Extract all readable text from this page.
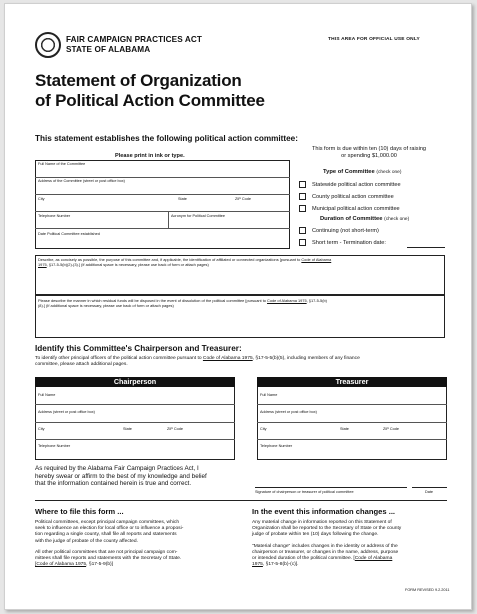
FAIR CAMPAIGN PRACTICES ACT
STATE OF ALABAMA
THIS AREA FOR OFFICIAL USE ONLY
Statement of Organization
of Political Action Committee
This statement establishes the following political action committee:
Please print in ink or type.
This form is due within ten (10) days of raising
or spending $1,000.00
Full Name of the Committee
Address of the Committee (street or post office box)
City	State	ZIP Code
Telephone Number	Acronym for Political Committee
Date Political Committee established
Type of Committee (check one)
Statewide political action committee
County political action committee
Municipal political action committee
Duration of Committee (check one)
Continuing (not short-term)
Short term - Termination date:
Describe, as concisely as possible, the purpose of this committee and, if applicable, the identification of affiliated or connected organizations [pursuant to Code of Alabama
1975, §17-5-5(b)(2)-(3).] (If additional space is necessary, please use back of form or attach pages)
Please describe the manner in which residual funds will be disposed in the event of dissolution of the political committee [pursuant to Code of Alabama 1975, §17-5-5(b)
(8).] (If additional space is necessary, please use back of form or attach pages)
Identify this Committee's Chairperson and Treasurer:
To identify other principal officers of the political action committee pursuant to Code of Alabama 1975, §17-5-5(b)(5), including members of any finance
committee, please attach additional pages.
Chairperson
Full Name
Address (street or post office box)
City	State	ZIP Code
Telephone Number
Treasurer
Full Name
Address (street or post office box)
City	State	ZIP Code
Telephone Number
As required by the Alabama Fair Campaign Practices Act, I
hereby swear or affirm to the best of my knowledge and belief
that the information contained herein is true and correct.
Signature of chairperson or treasurer of political committee	Date
Where to file this form ...
Political committees, except principal campaign committees, which
seek to influence an election for local office or to influence a proposi-
tion regarding a single county, shall file all reports and statements
with the judge of probate of the county affected.
All other political committees that are not principal campaign com-
mittees shall file reports and statements with the Secretary of State.
[Code of Alabama 1975, §17-5-9(b)]
In the event this information changes ...
Any material change in information reported on this Statement of
Organization shall be reported to the Secretary of State or the county
judge of probate within ten (10) days following the change.
"Material change" includes changes in the identity or address of the
chairperson or treasurer, or changes in the name, address, purpose
or intended duration of the political committee. [Code of Alabama
1975, §17-5-8(b)-(c)].
FORM REVISED 9.2.2011
